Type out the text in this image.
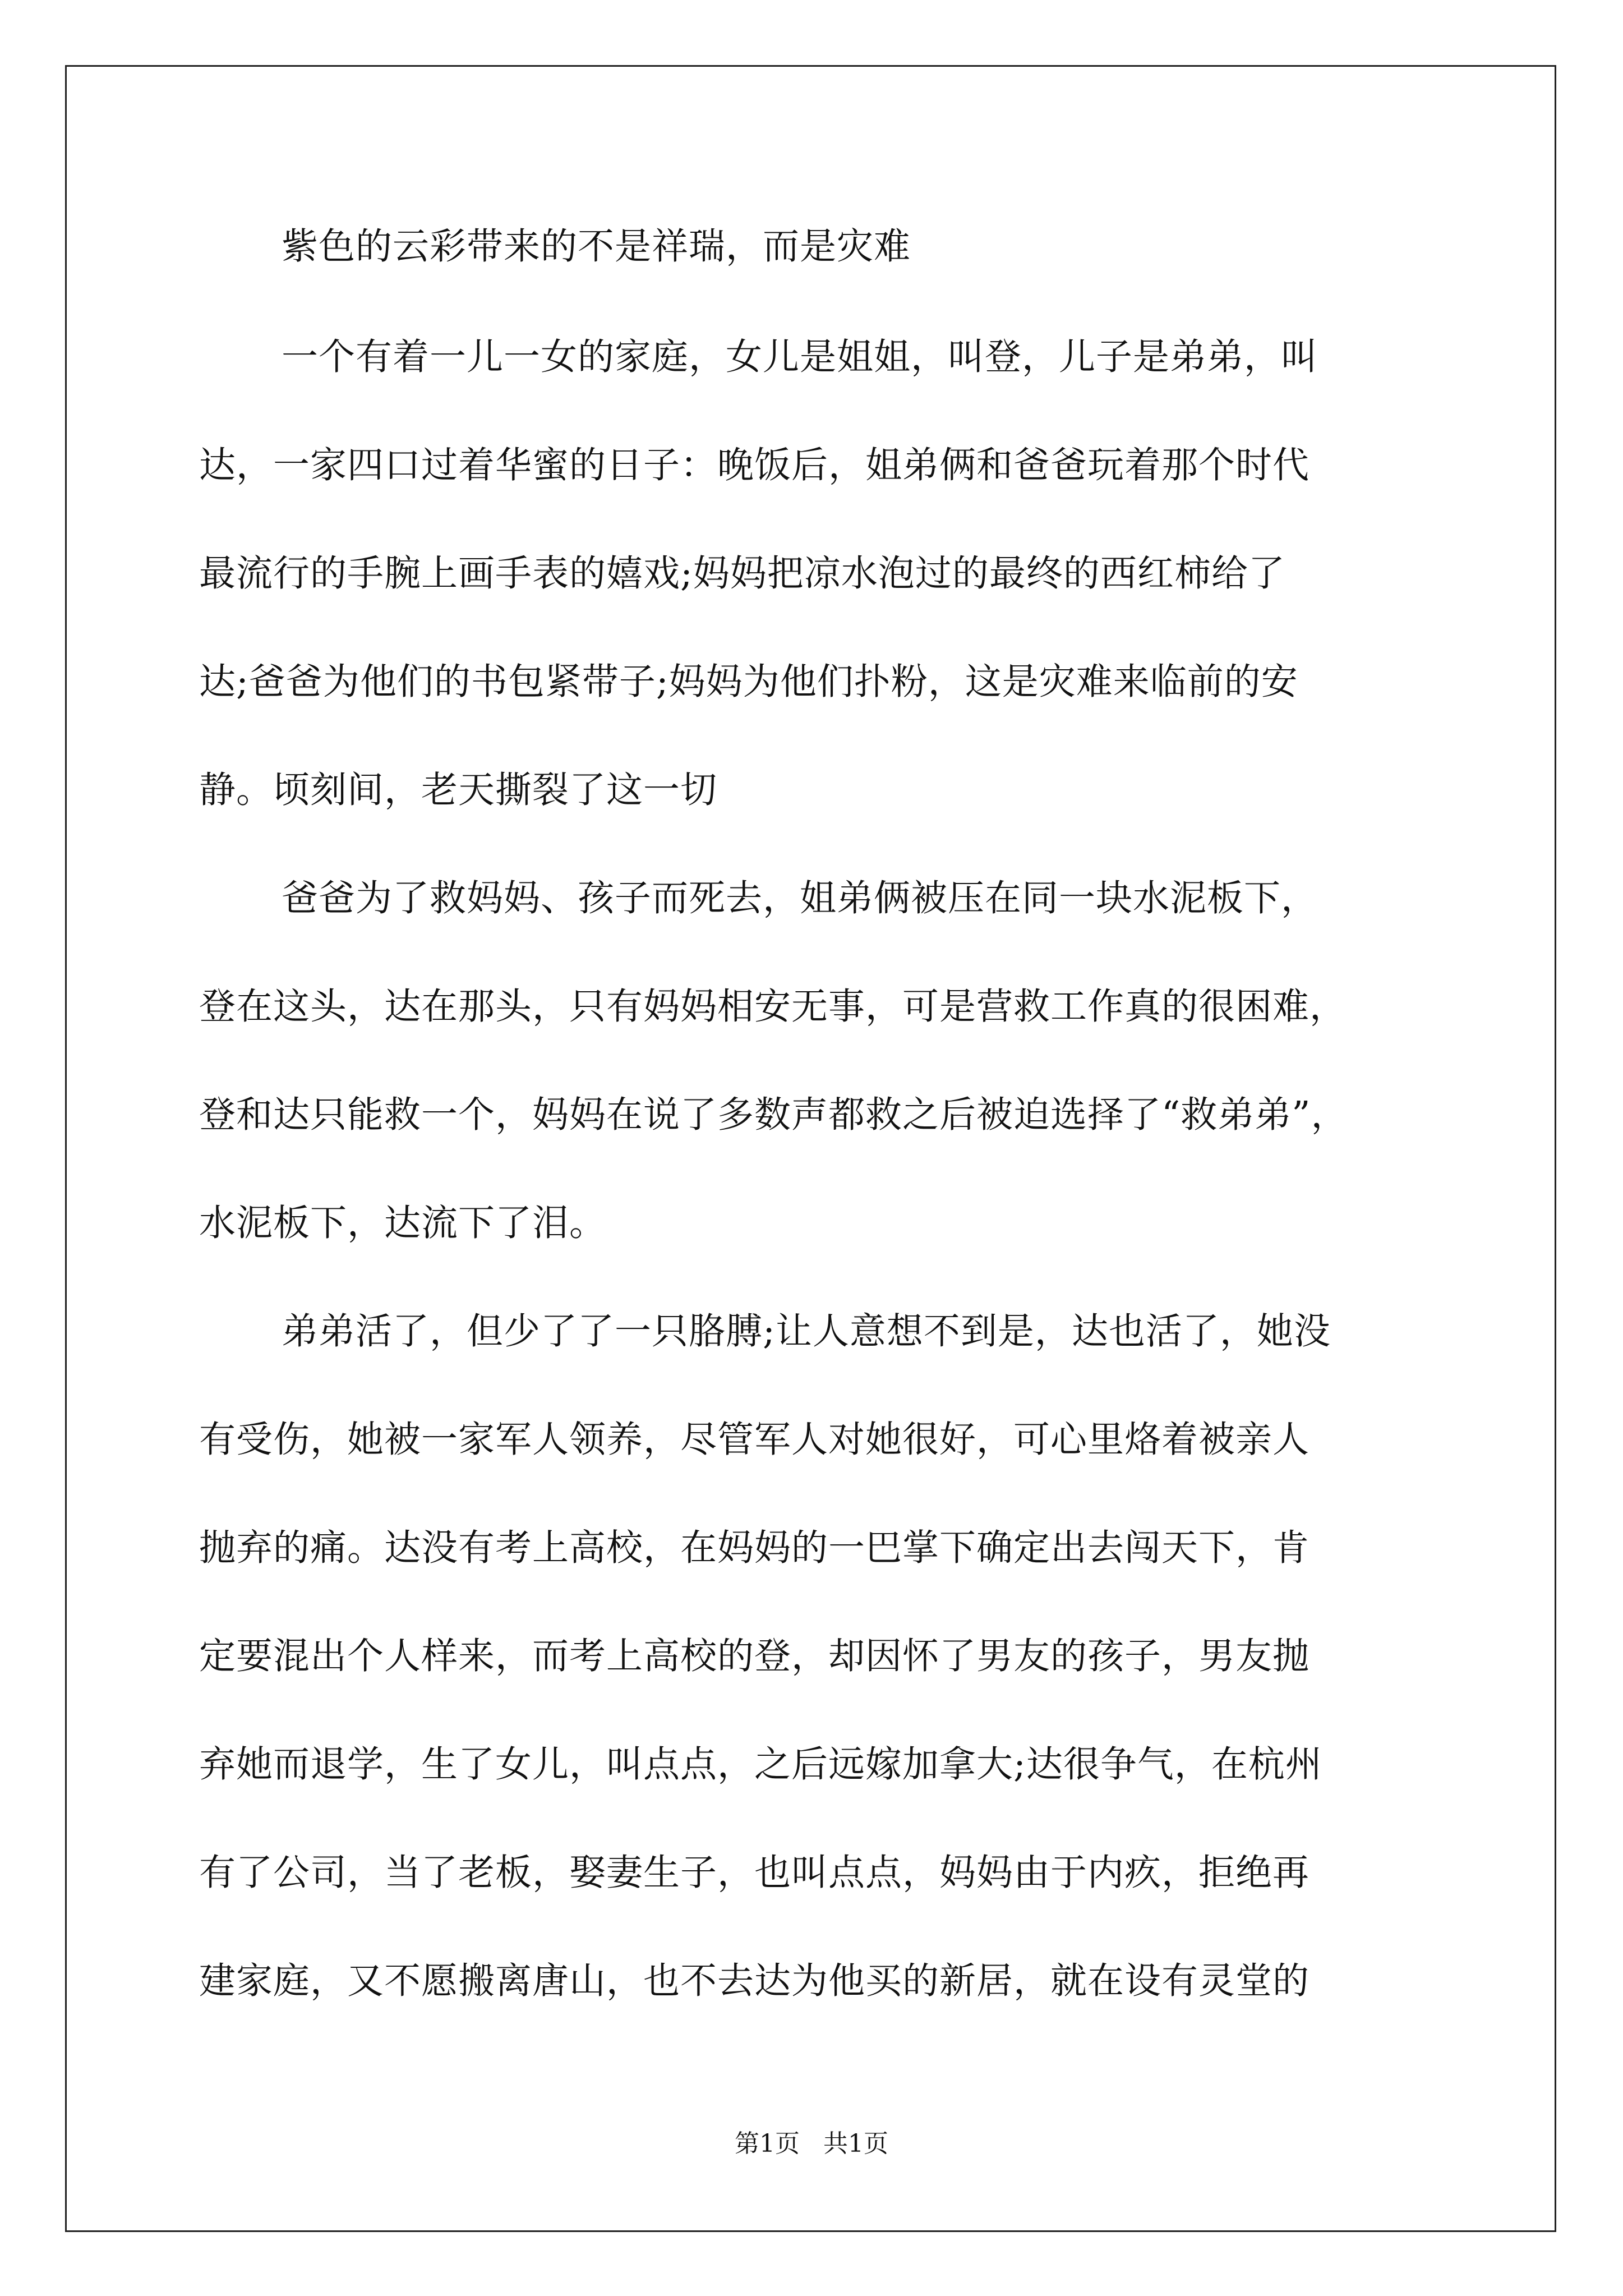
紫色的云彩带来的不是祥瑞，而是灾难
一个有着一儿一女的家庭，女儿是姐姐，叫登，儿子是弟弟，叫
达，一家四口过着华蜜的日子：晚饭后，姐弟俩和爸爸玩着那个时代
最流行的手腕上画手表的嬉戏;妈妈把凉水泡过的最终的西红柿给了
达;爸爸为他们的书包紧带子;妈妈为他们扑粉，这是灾难来临前的安
静。顷刻间，老天撕裂了这一切
爸爸为了救妈妈、孩子而死去，姐弟俩被压在同一块水泥板下，
登在这头，达在那头，只有妈妈相安无事，可是营救工作真的很困难，
登和达只能救一个，妈妈在说了多数声都救之后被迫选择了“救弟弟”，
水泥板下，达流下了泪。
弟弟活了，但少了了一只胳膊;让人意想不到是，达也活了，她没
有受伤，她被一家军人领养，尽管军人对她很好，可心里烙着被亲人
抛弃的痛。达没有考上高校，在妈妈的一巴掌下确定出去闯天下，肯
定要混出个人样来，而考上高校的登，却因怀了男友的孩子，男友抛
弃她而退学，生了女儿，叫点点，之后远嫁加拿大;达很争气，在杭州
有了公司，当了老板，娶妻生子，也叫点点，妈妈由于内疚，拒绝再
建家庭，又不愿搬离唐山，也不去达为他买的新居，就在设有灵堂的
第1页   共1页
